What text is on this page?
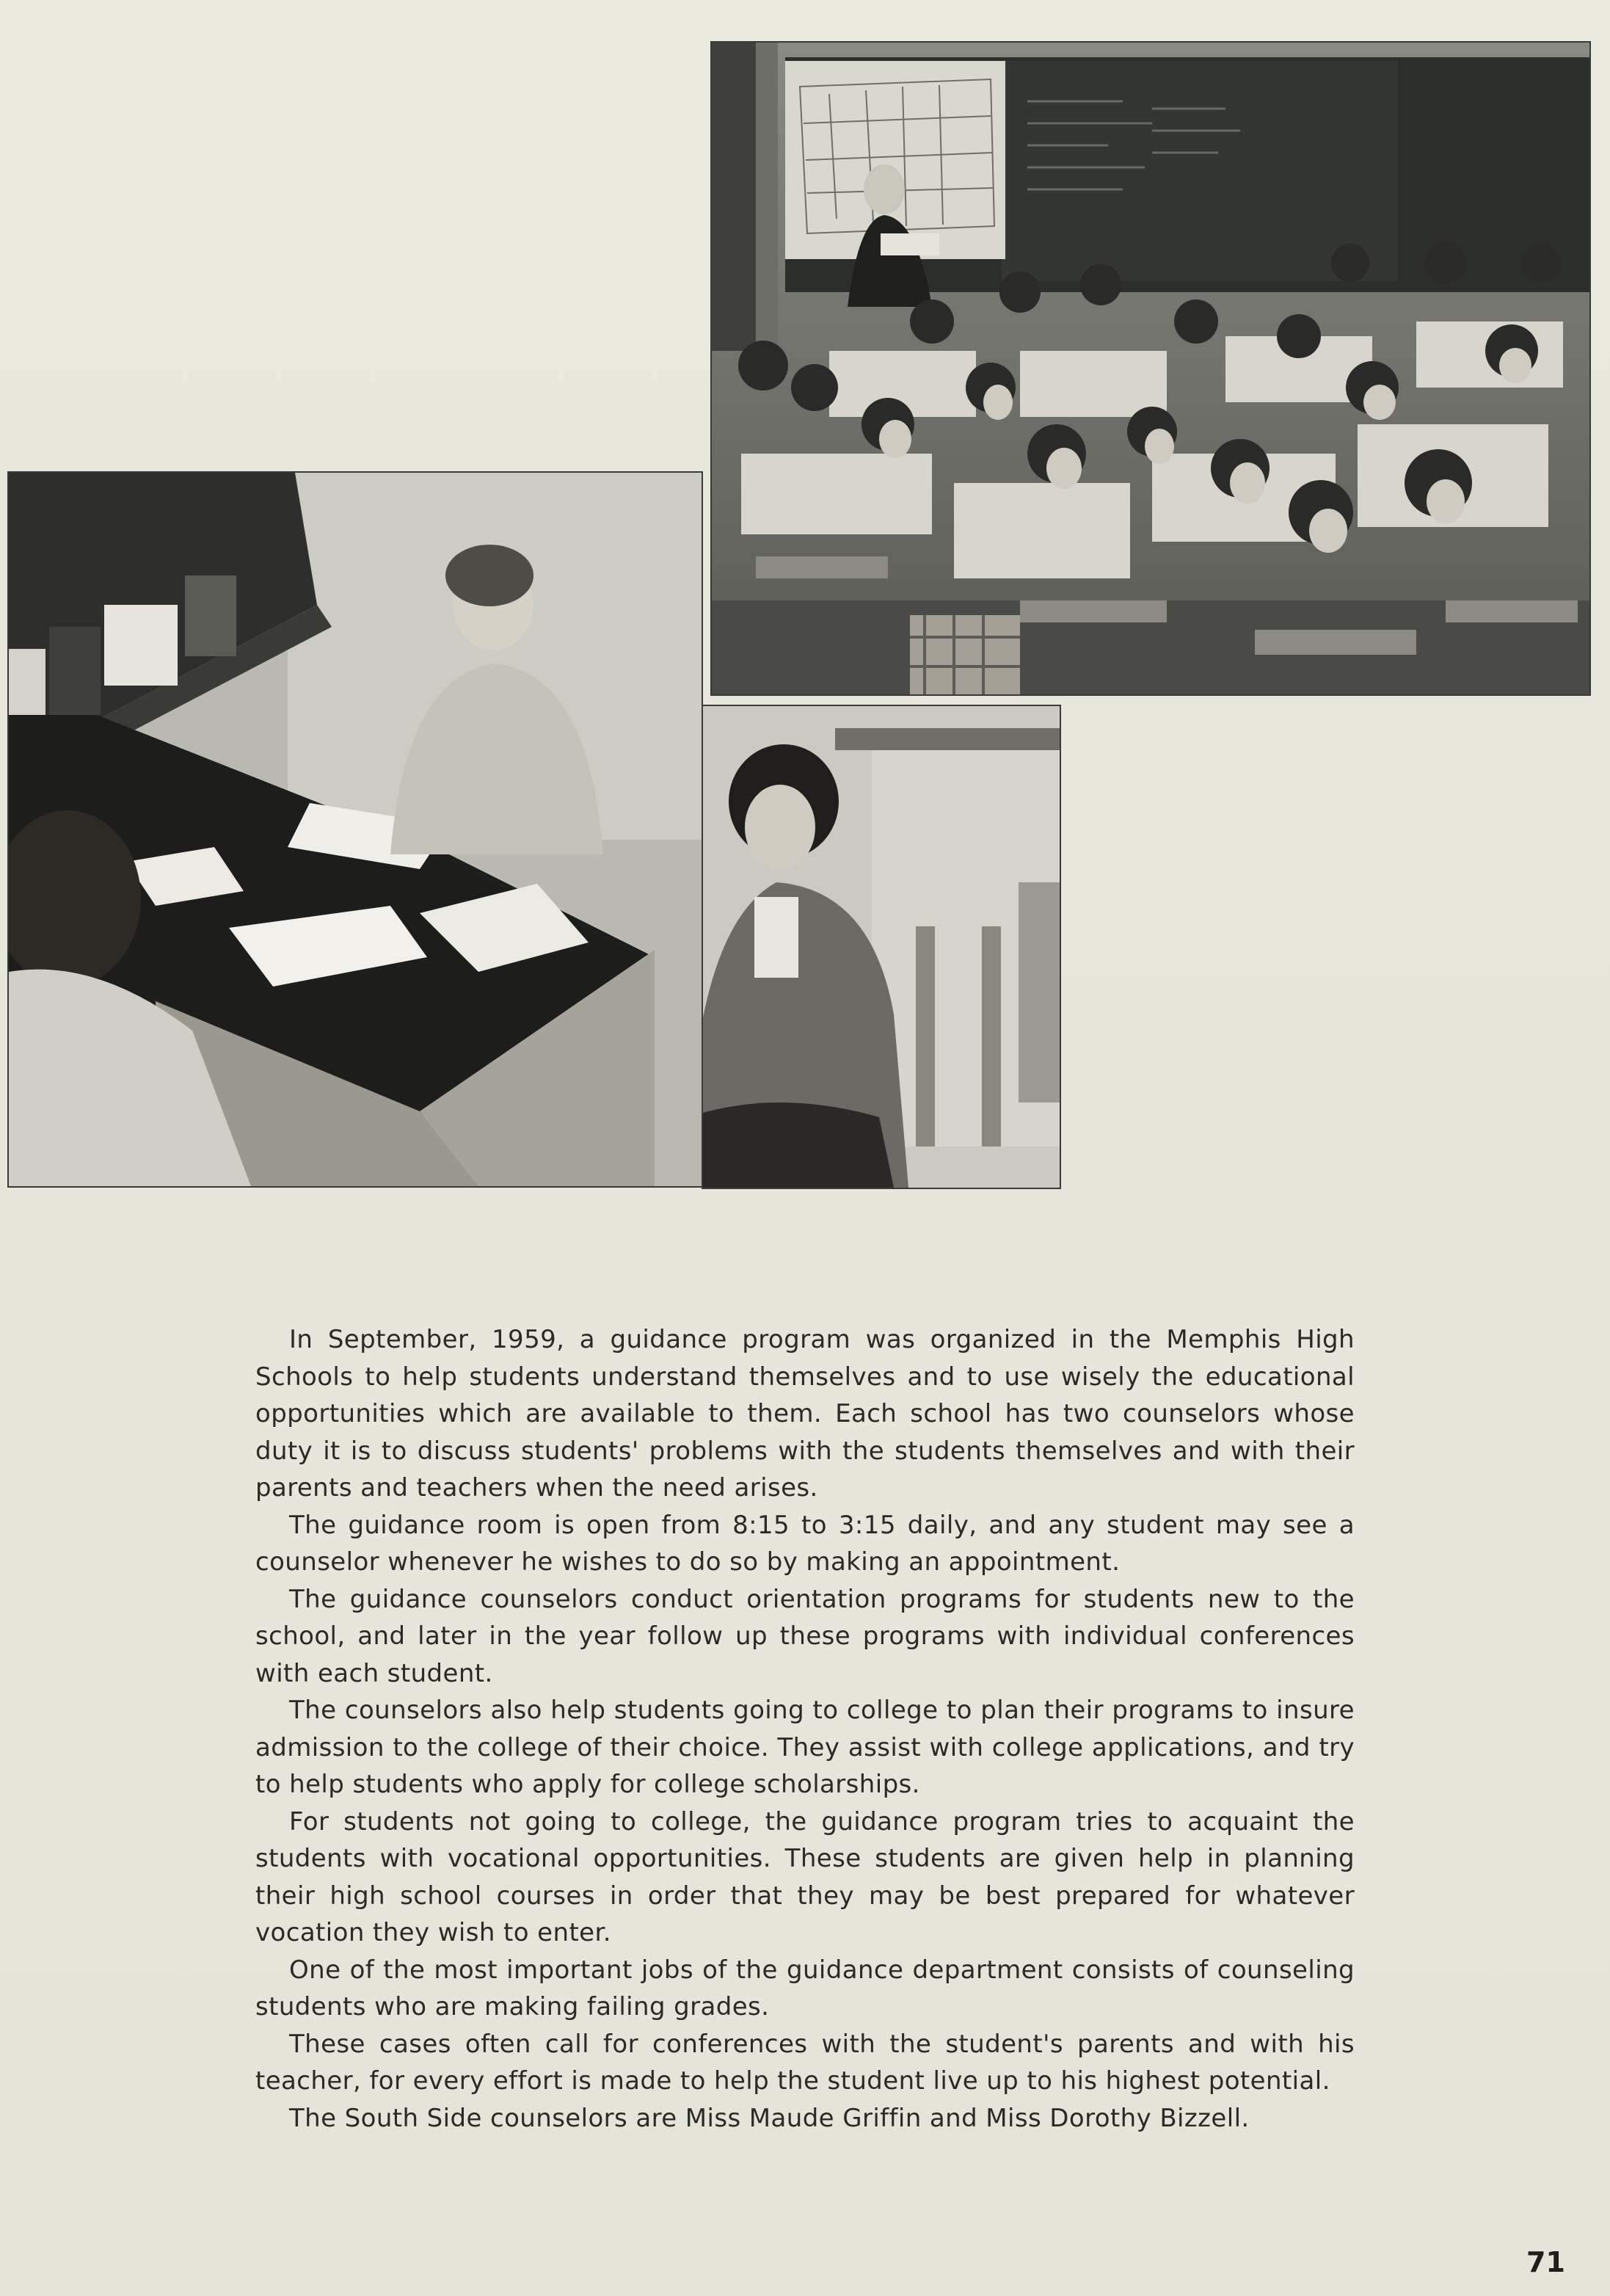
In September, 1959, a guidance program was organized in the Memphis High Schools to help students understand themselves and to use wisely the educational opportunities which are available to them. Each school has two counselors whose duty it is to discuss students' problems with the students themselves and with their parents and teachers when the need arises.

The guidance room is open from 8:15 to 3:15 daily, and any student may see a counselor whenever he wishes to do so by making an appointment.

The guidance counselors conduct orientation programs for students new to the school, and later in the year follow up these programs with individual conferences with each student.

The counselors also help students going to college to plan their programs to insure admission to the college of their choice. They assist with college applications, and try to help students who apply for college scholarships.

For students not going to college, the guidance program tries to acquaint the students with vocational opportunities. These students are given help in planning their high school courses in order that they may be best prepared for whatever vocation they wish to enter.

One of the most important jobs of the guidance department consists of counseling students who are making failing grades.

These cases often call for conferences with the student's parents and with his teacher, for every effort is made to help the student live up to his highest potential.

The South Side counselors are Miss Maude Griffin and Miss Dorothy Bizzell.

71
